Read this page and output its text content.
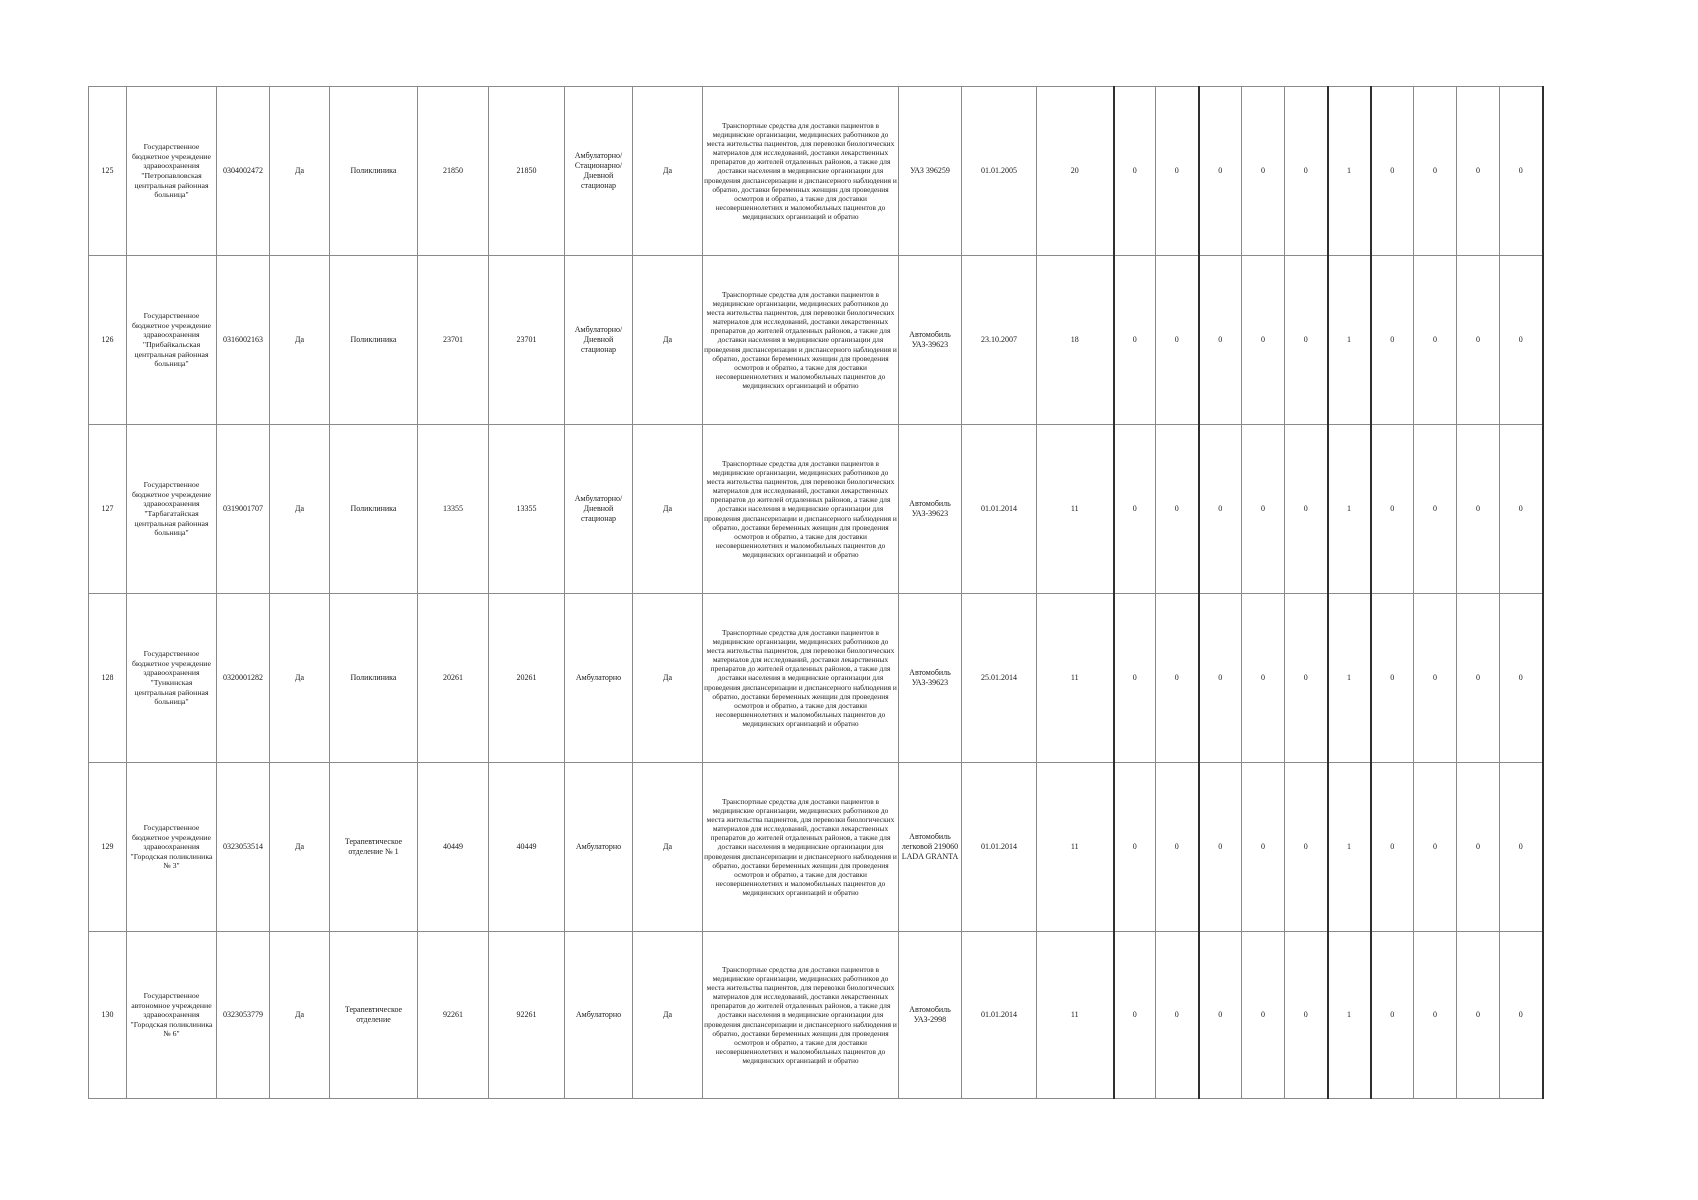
125	Государственное бюджетное учреждение здравоохранения "Петропавловская центральная районная больница"	0304002472	Да	Поликлиника	21850	21850	Амбулаторно/Стационарно/Дневной стационар	Да	Транспортные средства для доставки пациентов в медицинские организации, медицинских работников до места жительства пациентов, для перевозки биологических материалов для исследований, доставки лекарственных препаратов до жителей отдаленных районов, а также для доставки населения в медицинские организации для проведения диспансеризации и диспансерного наблюдения и обратно, доставки беременных женщин для проведения осмотров и обратно, а также для доставки несовершеннолетних и маломобильных пациентов до медицинских организаций и обратно	УАЗ 396259	01.01.2005	20	0	0	0	0	0	1	0	0	0	0
126	Государственное бюджетное учреждение здравоохранения "Прибайкальская центральная районная больница"	0316002163	Да	Поликлиника	23701	23701	Амбулаторно/Дневной стационар	Да	Транспортные средства для доставки пациентов в медицинские организации, медицинских работников до места жительства пациентов, для перевозки биологических материалов для исследований, доставки лекарственных препаратов до жителей отдаленных районов, а также для доставки населения в медицинские организации для проведения диспансеризации и диспансерного наблюдения и обратно, доставки беременных женщин для проведения осмотров и обратно, а также для доставки несовершеннолетних и маломобильных пациентов до медицинских организаций и обратно	Автомобиль УАЗ-39623	23.10.2007	18	0	0	0	0	0	1	0	0	0	0
127	Государственное бюджетное учреждение здравоохранения "Тарбагатайская центральная районная больница"	0319001707	Да	Поликлиника	13355	13355	Амбулаторно/Дневной стационар	Да	Транспортные средства для доставки пациентов в медицинские организации, медицинских работников до места жительства пациентов, для перевозки биологических материалов для исследований, доставки лекарственных препаратов до жителей отдаленных районов, а также для доставки населения в медицинские организации для проведения диспансеризации и диспансерного наблюдения и обратно, доставки беременных женщин для проведения осмотров и обратно, а также для доставки несовершеннолетних и маломобильных пациентов до медицинских организаций и обратно	Автомобиль УАЗ-39623	01.01.2014	11	0	0	0	0	0	1	0	0	0	0
128	Государственное бюджетное учреждение здравоохранения "Тункинская центральная районная больница"	0320001282	Да	Поликлиника	20261	20261	Амбулаторно	Да	Транспортные средства для доставки пациентов в медицинские организации, медицинских работников до места жительства пациентов, для перевозки биологических материалов для исследований, доставки лекарственных препаратов до жителей отдаленных районов, а также для доставки населения в медицинские организации для проведения диспансеризации и диспансерного наблюдения и обратно, доставки беременных женщин для проведения осмотров и обратно, а также для доставки несовершеннолетних и маломобильных пациентов до медицинских организаций и обратно	Автомобиль УАЗ-39623	25.01.2014	11	0	0	0	0	0	1	0	0	0	0
129	Государственное бюджетное учреждение здравоохранения "Городская поликлиника № 3"	0323053514	Да	Терапевтическое отделение № 1	40449	40449	Амбулаторно	Да	Транспортные средства для доставки пациентов в медицинские организации, медицинских работников до места жительства пациентов, для перевозки биологических материалов для исследований, доставки лекарственных препаратов до жителей отдаленных районов, а также для доставки населения в медицинские организации для проведения диспансеризации и диспансерного наблюдения и обратно, доставки беременных женщин для проведения осмотров и обратно, а также для доставки несовершеннолетних и маломобильных пациентов до медицинских организаций и обратно	Автомобиль легковой 219060 LADA GRANTA	01.01.2014	11	0	0	0	0	0	1	0	0	0	0
130	Государственное автономное учреждение здравоохранения "Городская поликлиника № 6"	0323053779	Да	Терапевтическое отделение	92261	92261	Амбулаторно	Да	Транспортные средства для доставки пациентов в медицинские организации, медицинских работников до места жительства пациентов, для перевозки биологических материалов для исследований, доставки лекарственных препаратов до жителей отдаленных районов, а также для доставки населения в медицинские организации для проведения диспансеризации и диспансерного наблюдения и обратно, доставки беременных женщин для проведения осмотров и обратно, а также для доставки несовершеннолетних и маломобильных пациентов до медицинских организаций и обратно	Автомобиль УАЗ-2998	01.01.2014	11	0	0	0	0	0	1	0	0	0	0
